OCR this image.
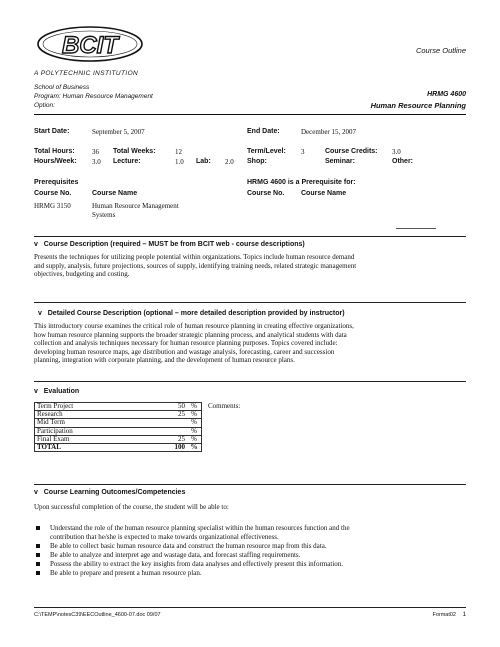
BCIT
A POLYTECHNIC INSTITUTION
Course Outline
School of Business
Program: Human Resource Management
Option:
HRMG 4600
Human Resource Planning
Start Date:	September 5, 2007	End Date:	December 15, 2007
Total Hours: 36 Total Weeks:	12	Term/Level: 3	Course Credits: 3.0
Hours/Week: 3.0 Lecture:	1.0 Lab: 2.0 Shop:	Seminar:	Other:
Prerequisites
Course No.	Course Name
HRMG 3150	Human Resource Management
Systems
HRMG 4600 is a Prerequisite for:
Course No. Course Name
v Course Description (required – MUST be from BCIT web - course descriptions)
Presents the techniques for utilizing people potential within organizations. Topics include human resource demand
and supply, analysis, future projections, sources of supply, identifying training needs, related strategic management
objectives, budgeting and costing.
v Detailed Course Description (optional – more detailed description provided by instructor)
This introductory course examines the critical role of human resource planning in creating effective organizations,
how human resource planning supports the broader strategic planning process, and analytical students with data
collection and analysis techniques necessary for human resource planning purposes. Topics covered include:
developing human resource maps, age distribution and wastage analysis, forecasting, career and succession
planning, integration with corporate planning, and the development of human resource plans.
v Evaluation
Term Project	50	%	Comments:
Research	25	%	
Mid Term		%	
Participation		%	
Final Exam	25	%	
TOTAL	100	%	
v Course Learning Outcomes/Competencies
Upon successful completion of the course, the student will be able to:
Understand the role of the human resource planning specialist within the human resources function and the
contribution that he/she is expected to make towards organizational effectiveness.
Be able to collect basic human resource data and construct the human resource map from this data.
Be able to analyze and interpret age and wastage data, and forecast staffing requirements.
Possess the ability to extract the key insights from data analyses and effectively present this information.
Be able to prepare and present a human resource plan.
C:\TEMP\notesC39\EECOutline_4600-07.doc 09/07	Format02 1
